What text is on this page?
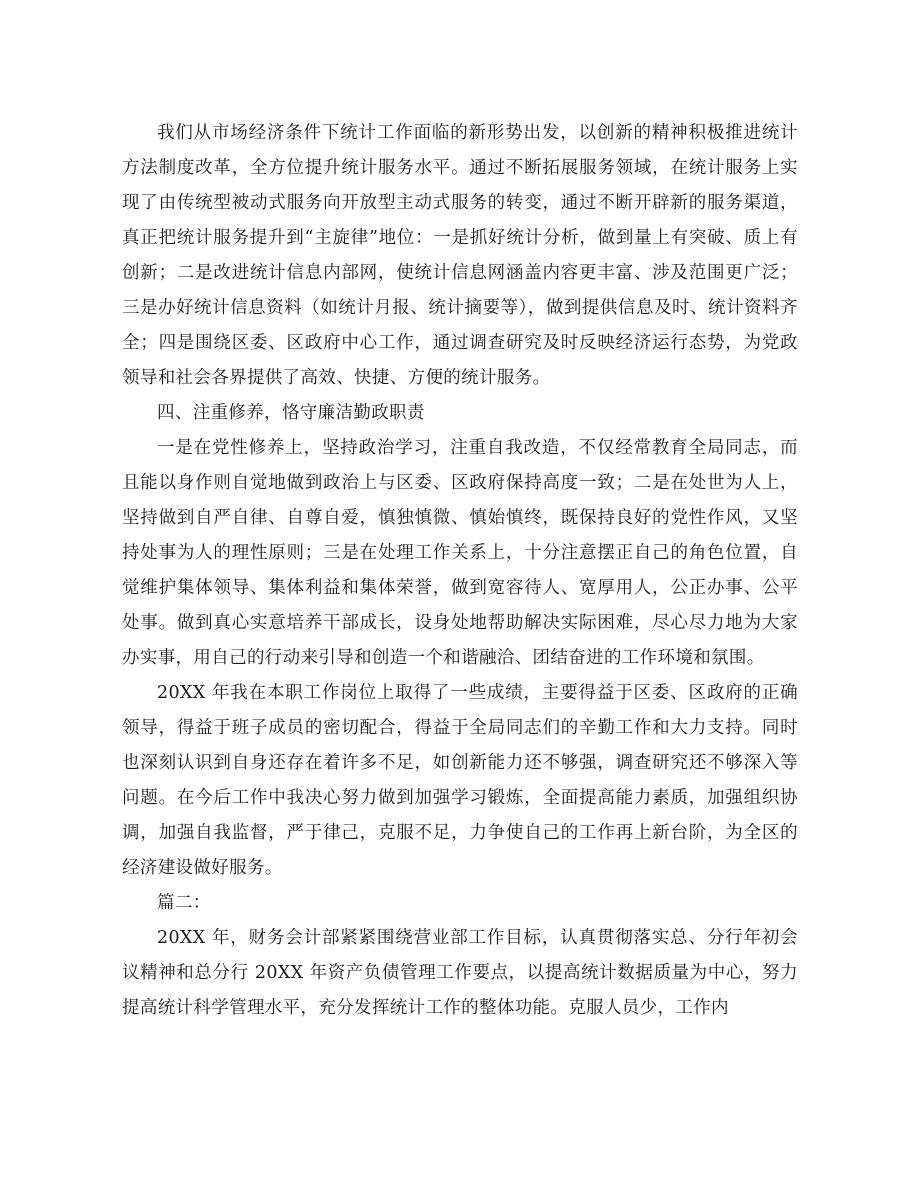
我们从市场经济条件下统计工作面临的新形势出发，以创新的精神积极推进统计方法制度改革，全方位提升统计服务水平。通过不断拓展服务领域，在统计服务上实现了由传统型被动式服务向开放型主动式服务的转变，通过不断开辟新的服务渠道，真正把统计服务提升到“主旋律”地位：一是抓好统计分析，做到量上有突破、质上有创新；二是改进统计信息内部网，使统计信息网涵盖内容更丰富、涉及范围更广泛；三是办好统计信息资料（如统计月报、统计摘要等），做到提供信息及时、统计资料齐全；四是围绕区委、区政府中心工作，通过调查研究及时反映经济运行态势，为党政领导和社会各界提供了高效、快捷、方便的统计服务。

四、注重修养，恪守廉洁勤政职责

一是在党性修养上，坚持政治学习，注重自我改造，不仅经常教育全局同志，而且能以身作则自觉地做到政治上与区委、区政府保持高度一致；二是在处世为人上，坚持做到自严自律、自尊自爱，慎独慎微、慎始慎终，既保持良好的党性作风，又坚持处事为人的理性原则；三是在处理工作关系上，十分注意摆正自己的角色位置，自觉维护集体领导、集体利益和集体荣誉，做到宽容待人、宽厚用人，公正办事、公平处事。做到真心实意培养干部成长，设身处地帮助解决实际困难，尽心尽力地为大家办实事，用自己的行动来引导和创造一个和谐融洽、团结奋进的工作环境和氛围。

20XX 年我在本职工作岗位上取得了一些成绩，主要得益于区委、区政府的正确领导，得益于班子成员的密切配合，得益于全局同志们的辛勤工作和大力支持。同时也深刻认识到自身还存在着许多不足，如创新能力还不够强，调查研究还不够深入等问题。在今后工作中我决心努力做到加强学习锻炼，全面提高能力素质，加强组织协调，加强自我监督，严于律己，克服不足，力争使自己的工作再上新台阶，为全区的经济建设做好服务。

篇二：

20XX 年，财务会计部紧紧围绕营业部工作目标，认真贯彻落实总、分行年初会议精神和总分行 20XX 年资产负债管理工作要点，以提高统计数据质量为中心，努力提高统计科学管理水平，充分发挥统计工作的整体功能。克服人员少，工作内
